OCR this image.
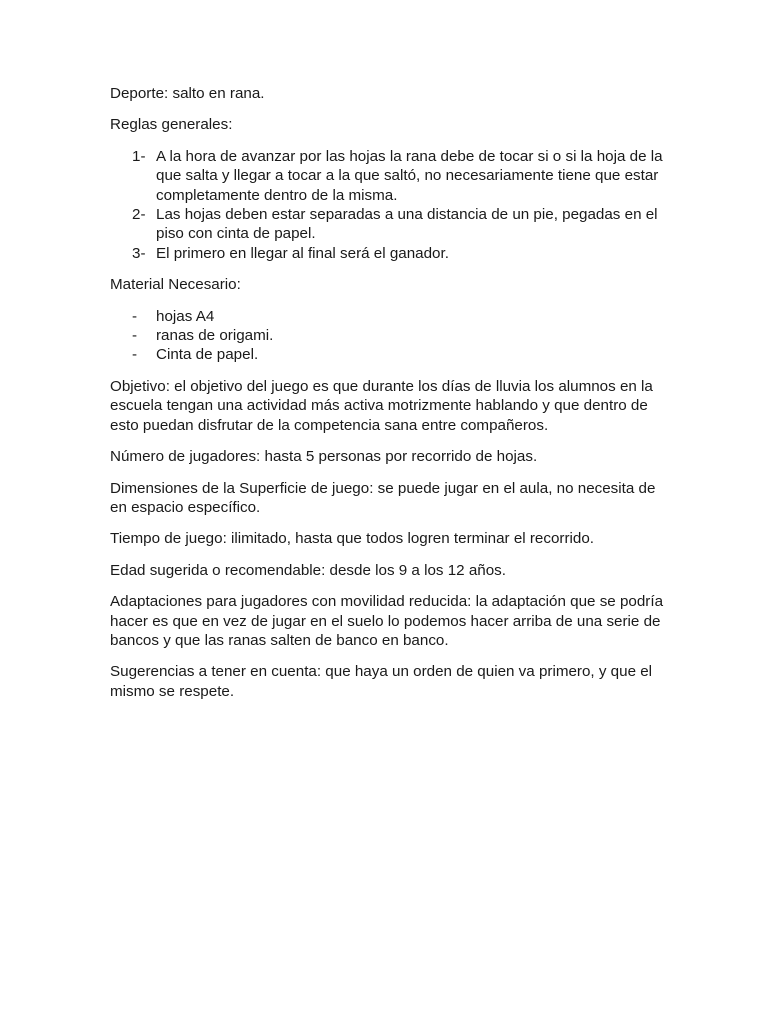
Deporte: salto en rana.

Reglas generales:

1- A la hora de avanzar por las hojas la rana debe de tocar si o si la hoja de la que salta y llegar a tocar a la que saltó, no necesariamente tiene que estar completamente dentro de la misma.
2- Las hojas deben estar separadas a una distancia de un pie, pegadas en el piso con cinta de papel.
3- El primero en llegar al final será el ganador.

Material Necesario:

- hojas A4
- ranas de origami.
- Cinta de papel.

Objetivo: el objetivo del juego es que durante los días de lluvia los alumnos en la escuela tengan una actividad más activa motrizmente hablando y que dentro de esto puedan disfrutar de la competencia sana entre compañeros.

Número de jugadores: hasta 5 personas por recorrido de hojas.

Dimensiones de la Superficie de juego: se puede jugar en el aula, no necesita de en espacio específico.

Tiempo de juego: ilimitado, hasta que todos logren terminar el recorrido.

Edad sugerida o recomendable: desde los 9 a los 12 años.

Adaptaciones para jugadores con movilidad reducida: la adaptación que se podría hacer es que en vez de jugar en el suelo lo podemos hacer arriba de una serie de bancos y que las ranas salten de banco en banco.

Sugerencias a tener en cuenta: que haya un orden de quien va primero, y que el mismo se respete.
